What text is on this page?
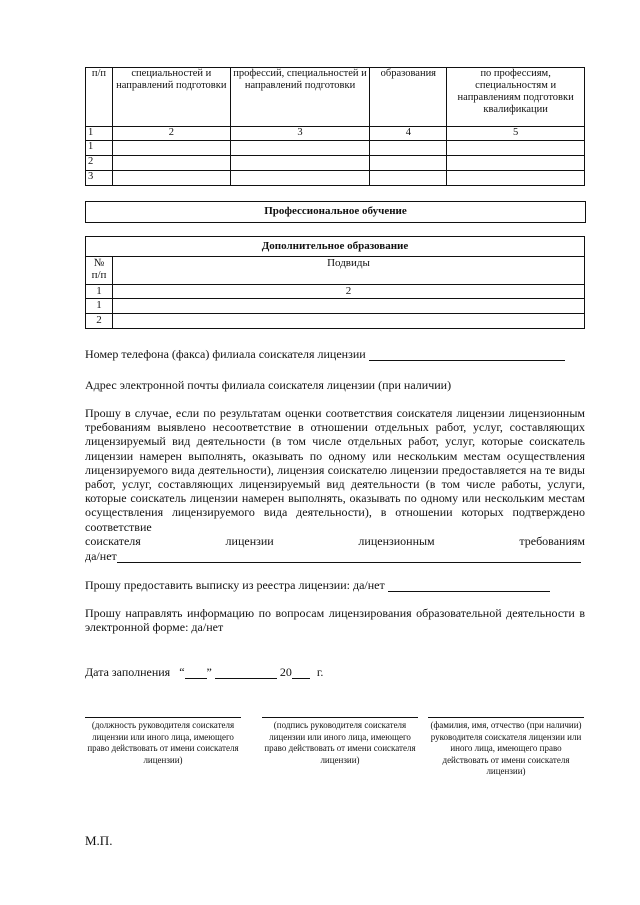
п/п	специальностей и направлений подготовки	профессий, специальностей и направлений подготовки	образования	по профессиям, специальностям и направлениям подготовки квалификации
1	2	3	4	5
1				
2				
3				
Профессиональное обучение
Дополнительное образование	
№ п/п	Подвиды
1	2
1	
2	
Номер телефона (факса) филиала соискателя лицензии
Адрес электронной почты филиала соискателя лицензии (при наличии)
Прошу в случае, если по результатам оценки соответствия соискателя лицензии лицензионным требованиям выявлено несоответствие в отношении отдельных работ, услуг, составляющих лицензируемый вид деятельности (в том числе отдельных работ, услуг, которые соискатель лицензии намерен выполнять, оказывать по одному или нескольким местам осуществления лицензируемого вида деятельности), лицензия соискателю лицензии предоставляется на те виды работ, услуг, составляющих лицензируемый вид деятельности (в том числе работы, услуги, которые соискатель лицензии намерен выполнять, оказывать по одному или нескольким местам осуществления лицензируемого вида деятельности), в отношении которых подтверждено соответствие
соискателя	лицензии	лицензионным	требованиям
да/нет
Прошу предоставить выписку из реестра лицензии: да/нет
Прошу направлять информацию по вопросам лицензирования образовательной деятельности в электронной форме: да/нет
Дата заполнения “ ”	20 г.
(должность руководителя соискателя лицензии или иного лица, имеющего право действовать от имени соискателя лицензии)
(подпись руководителя соискателя лицензии или иного лица, имеющего право действовать от имени соискателя лицензии)
(фамилия, имя, отчество (при наличии) руководителя соискателя лицензии или иного лица, имеющего право действовать от имени соискателя лицензии)
М.П.
